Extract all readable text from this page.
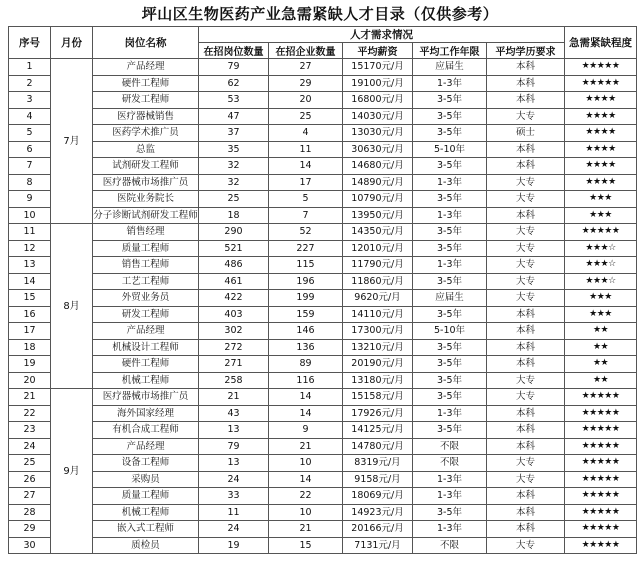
坪山区生物医药产业急需紧缺人才目录（仅供参考）
序号	月份	岗位名称	人才需求情况					急需紧缺程度
			在招岗位数量	在招企业数量	平均薪资	平均工作年限	平均学历要求	
1	7月	产品经理	79	27	15170元/月	应届生	本科	★★★★★
2		硬件工程师	62	29	19100元/月	1-3年	本科	★★★★★
3		研发工程师	53	20	16800元/月	3-5年	本科	★★★★
4		医疗器械销售	47	25	14030元/月	3-5年	大专	★★★★
5		医药学术推广员	37	4	13030元/月	3-5年	硕士	★★★★
6		总监	35	11	30630元/月	5-10年	本科	★★★★
7		试剂研发工程师	32	14	14680元/月	3-5年	本科	★★★★
8		医疗器械市场推广员	32	17	14890元/月	1-3年	大专	★★★★
9		医院业务院长	25	5	10790元/月	3-5年	大专	★★★
10		分子诊断试剂研发工程师	18	7	13950元/月	1-3年	本科	★★★
11	8月	销售经理	290	52	14350元/月	3-5年	大专	★★★★★
12		质量工程师	521	227	12010元/月	3-5年	大专	★★★☆
13		销售工程师	486	115	11790元/月	1-3年	大专	★★★☆
14		工艺工程师	461	196	11860元/月	3-5年	大专	★★★☆
15		外贸业务员	422	199	9620元/月	应届生	大专	★★★
16		研发工程师	403	159	14110元/月	3-5年	本科	★★★
17		产品经理	302	146	17300元/月	5-10年	本科	★★
18		机械设计工程师	272	136	13210元/月	3-5年	本科	★★
19		硬件工程师	271	89	20190元/月	3-5年	本科	★★
20		机械工程师	258	116	13180元/月	3-5年	大专	★★
21	9月	医疗器械市场推广员	21	14	15158元/月	3-5年	大专	★★★★★
22		海外国家经理	43	14	17926元/月	1-3年	本科	★★★★★
23		有机合成工程师	13	9	14125元/月	3-5年	本科	★★★★★
24		产品经理	79	21	14780元/月	不限	本科	★★★★★
25		设备工程师	13	10	8319元/月	不限	大专	★★★★★
26		采购员	24	14	9158元/月	1-3年	大专	★★★★★
27		质量工程师	33	22	18069元/月	1-3年	本科	★★★★★
28		机械工程师	11	10	14923元/月	3-5年	本科	★★★★★
29		嵌入式工程师	24	21	20166元/月	1-3年	本科	★★★★★
30		质检员	19	15	7131元/月	不限	大专	★★★★★
